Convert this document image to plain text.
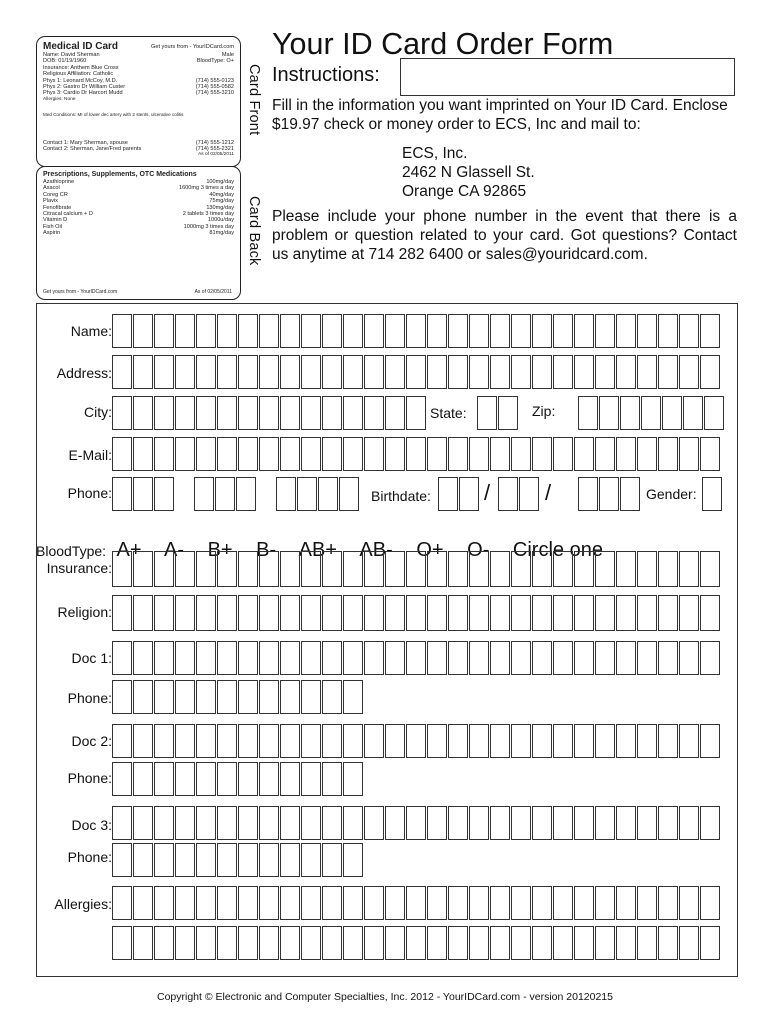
Medical ID Card	Get yours from - YourIDCard.com
Name: David Sherman	Male
DOB: 01/19/1960	BloodType: O+
Insurance: Anthem Blue Cross
Religious Affiliation: Catholic
Phys 1: Leonard McCoy, M.D.	(714) 555-0123
Phys 2: Gastro Dr William Custer	(714) 555-0582
Phys 3: Cardio Dr Harcort Mudd	(714) 555-3210
Allergies: None
Med Conditions: MI of lower dec artery with 2 stents, ulcerative colitis
Contact 1: Mary Sherman, spouse	(714) 555-1212
Contact 2: Sherman, Jane/Fred parents	(714) 555-2321
As of 02/05/2011
Card Front
Prescriptions, Supplements, OTC Medications
Azathioprine	100mg/day
Asacol	1600mg 3 times a day
Coreg CR	40mg/day
Plavix	75mg/day
Fenofibrate	130mg/day
Citracal calcium + D	2 tablets 3 times day
Vitamin D	1000u/day
Fish Oil	1000mg 3 times day
Aspirin	81mg/day
Get yours from - YourIDCard.com	As of 02/05/2011
Card Back
Your ID Card Order Form
Instructions:
Fill in the information you want imprinted on Your ID Card. Enclose $19.97 check or money order to ECS, Inc and mail to:
ECS, Inc.
2462 N Glassell St.
Orange CA 92865
Please include your phone number in the event that there is a problem or question related to your card. Got questions? Contact us anytime at 714 282 6400 or sales@youridcard.com.
Name:
Address:
City:	State:	Zip:
E-Mail:
Phone:	Birthdate: / /	Gender:
BloodType: A+ A- B+ B- AB+ AB- O+ O- Circle one
Insurance:
Religion:
Doc 1:
Phone:
Doc 2:
Phone:
Doc 3:
Phone:
Allergies:
Copyright © Electronic and Computer Specialties, Inc. 2012 - YourIDCard.com - version 20120215
